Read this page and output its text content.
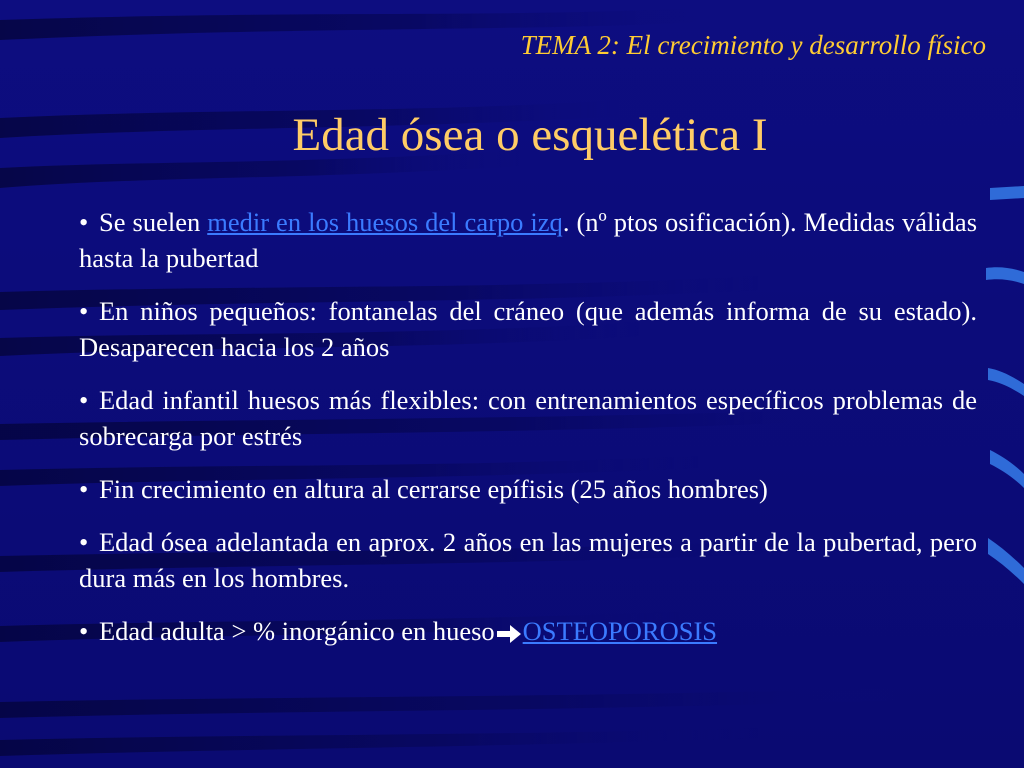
TEMA 2: El crecimiento y desarrollo físico
Edad ósea o esquelética I

• Se suelen medir en los huesos del carpo izq. (nº ptos osificación). Medidas válidas hasta la pubertad

• En niños pequeños: fontanelas del cráneo (que además informa de su estado). Desaparecen hacia los 2 años

• Edad infantil huesos más flexibles: con entrenamientos específicos problemas de sobrecarga por estrés

• Fin crecimiento en altura al cerrarse epífisis (25 años hombres)

• Edad ósea adelantada en aprox. 2 años en las mujeres a partir de la pubertad, pero dura más en los hombres.

• Edad adulta > % inorgánico en hueso OSTEOPOROSIS
